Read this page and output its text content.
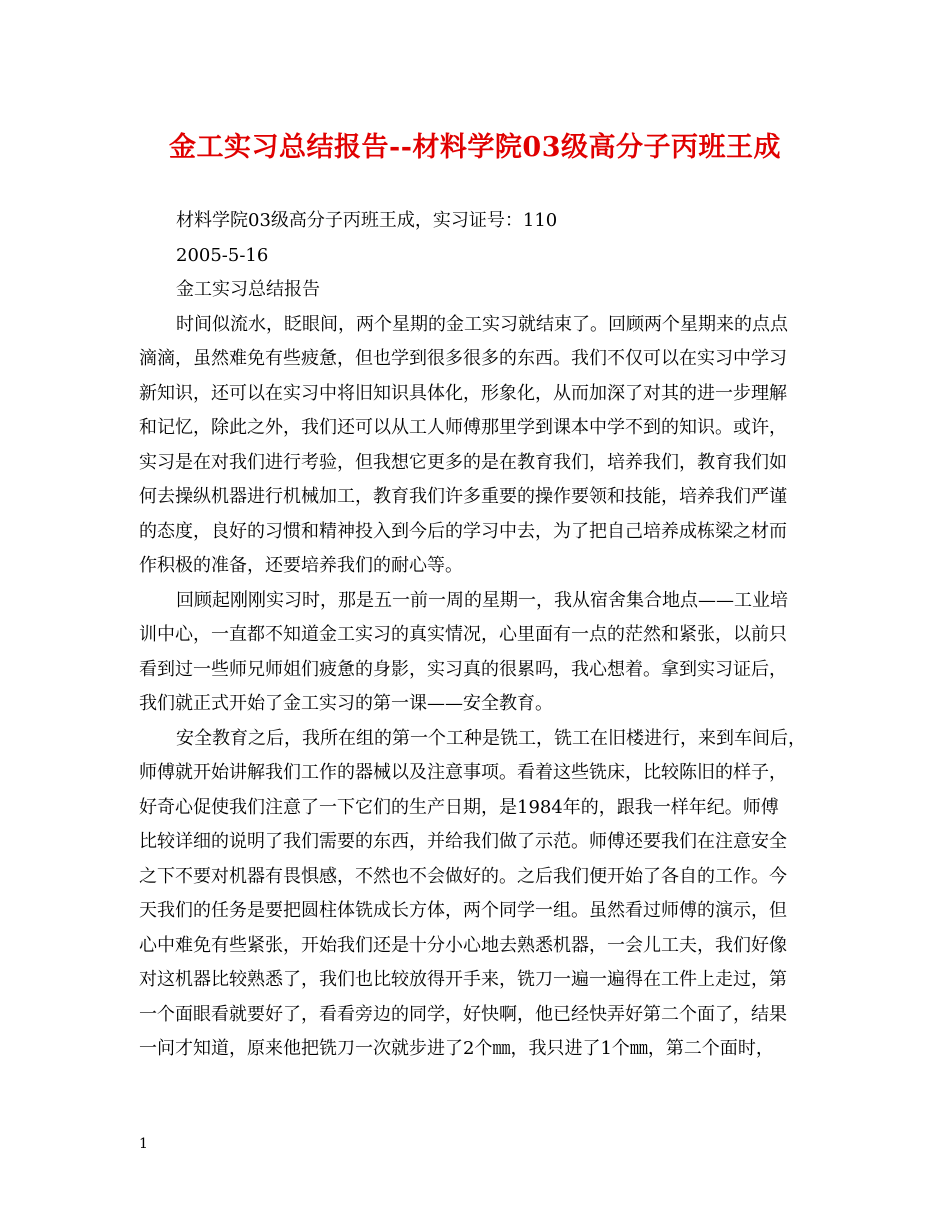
金工实习总结报告--材料学院03级高分子丙班王成
材料学院03级高分子丙班王成，实习证号：110
2005-5-16
金工实习总结报告
时间似流水，眨眼间，两个星期的金工实习就结束了。回顾两个星期来的点点
滴滴，虽然难免有些疲惫，但也学到很多很多的东西。我们不仅可以在实习中学习
新知识，还可以在实习中将旧知识具体化，形象化，从而加深了对其的进一步理解
和记忆，除此之外，我们还可以从工人师傅那里学到课本中学不到的知识。或许，
实习是在对我们进行考验，但我想它更多的是在教育我们，培养我们，教育我们如
何去操纵机器进行机械加工，教育我们许多重要的操作要领和技能，培养我们严谨
的态度，良好的习惯和精神投入到今后的学习中去，为了把自己培养成栋梁之材而
作积极的准备，还要培养我们的耐心等。
回顾起刚刚实习时，那是五一前一周的星期一，我从宿舍集合地点——工业培
训中心，一直都不知道金工实习的真实情况，心里面有一点的茫然和紧张，以前只
看到过一些师兄师姐们疲惫的身影，实习真的很累吗，我心想着。拿到实习证后，
我们就正式开始了金工实习的第一课——安全教育。
安全教育之后，我所在组的第一个工种是铣工，铣工在旧楼进行，来到车间后，
师傅就开始讲解我们工作的器械以及注意事项。看着这些铣床，比较陈旧的样子，
好奇心促使我们注意了一下它们的生产日期，是1984年的，跟我一样年纪。师傅
比较详细的说明了我们需要的东西，并给我们做了示范。师傅还要我们在注意安全
之下不要对机器有畏惧感，不然也不会做好的。之后我们便开始了各自的工作。今
天我们的任务是要把圆柱体铣成长方体，两个同学一组。虽然看过师傅的演示，但
心中难免有些紧张，开始我们还是十分小心地去熟悉机器，一会儿工夫，我们好像
对这机器比较熟悉了，我们也比较放得开手来，铣刀一遍一遍得在工件上走过，第
一个面眼看就要好了，看看旁边的同学，好快啊，他已经快弄好第二个面了，结果
一问才知道，原来他把铣刀一次就步进了2个㎜，我只进了1个㎜，第二个面时，
1
